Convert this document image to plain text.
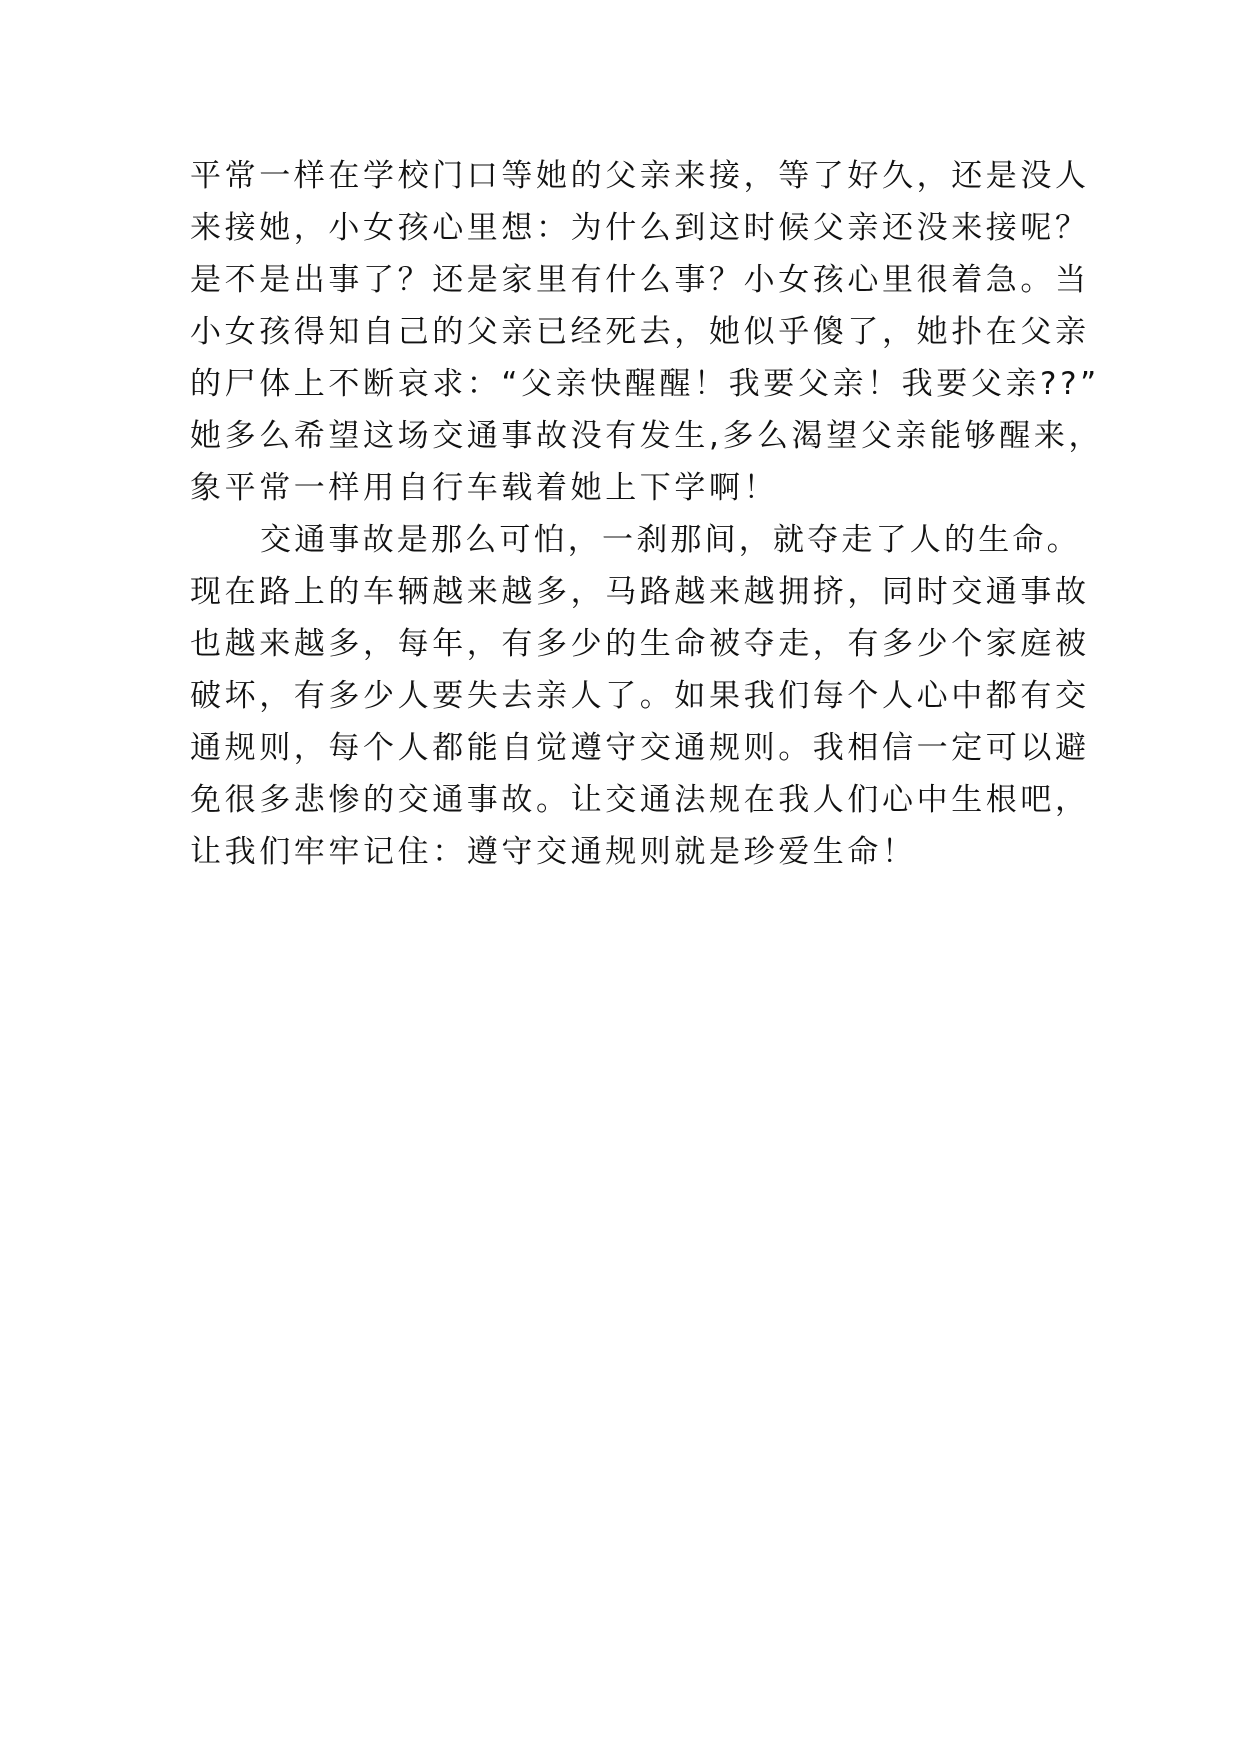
平常一样在学校门口等她的父亲来接，等了好久，还是没人

来接她，小女孩心里想：为什么到这时候父亲还没来接呢？

是不是出事了？还是家里有什么事？小女孩心里很着急。当

小女孩得知自己的父亲已经死去，她似乎傻了，她扑在父亲

的尸体上不断哀求：“父亲快醒醒！我要父亲！我要父亲??”

她多么希望这场交通事故没有发生,多么渴望父亲能够醒来，

象平常一样用自行车载着她上下学啊！

交通事故是那么可怕，一刹那间，就夺走了人的生命。

现在路上的车辆越来越多，马路越来越拥挤，同时交通事故

也越来越多，每年，有多少的生命被夺走，有多少个家庭被

破坏，有多少人要失去亲人了。如果我们每个人心中都有交

通规则，每个人都能自觉遵守交通规则。我相信一定可以避

免很多悲惨的交通事故。让交通法规在我人们心中生根吧，

让我们牢牢记住：遵守交通规则就是珍爱生命！
